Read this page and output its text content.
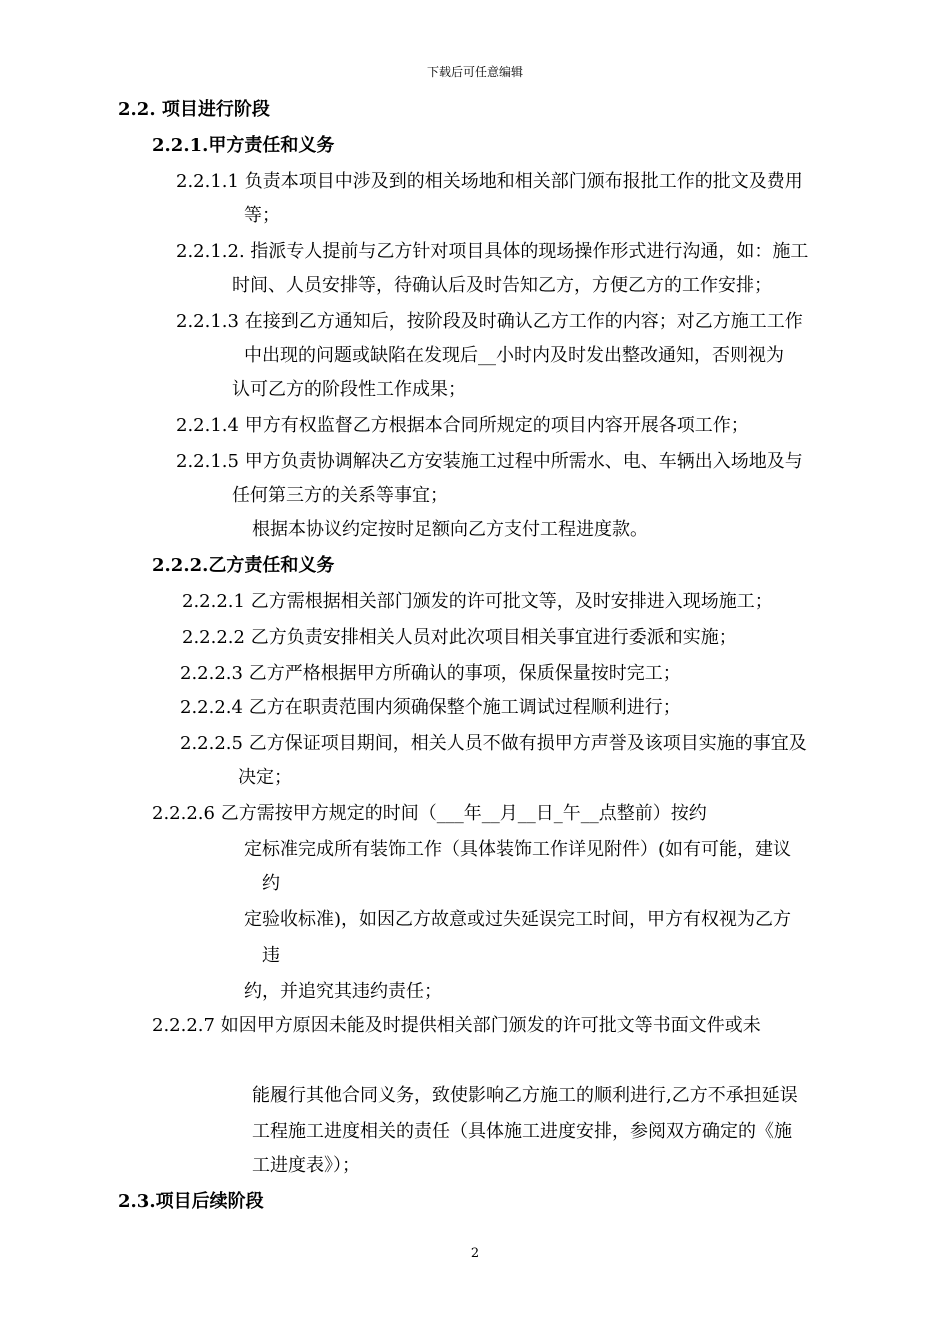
下载后可任意编辑
2.2. 项目进行阶段
2.2.1.甲方责任和义务
2.2.1.1 负责本项目中涉及到的相关场地和相关部门颁布报批工作的批文及费用
等；
2.2.1.2. 指派专人提前与乙方针对项目具体的现场操作形式进行沟通，如：施工
时间、人员安排等，待确认后及时告知乙方，方便乙方的工作安排；
2.2.1.3 在接到乙方通知后，按阶段及时确认乙方工作的内容；对乙方施工工作
中出现的问题或缺陷在发现后__小时内及时发出整改通知，否则视为
认可乙方的阶段性工作成果；
2.2.1.4 甲方有权监督乙方根据本合同所规定的项目内容开展各项工作；
2.2.1.5 甲方负责协调解决乙方安装施工过程中所需水、电、车辆出入场地及与
任何第三方的关系等事宜；
根据本协议约定按时足额向乙方支付工程进度款。
2.2.2.乙方责任和义务
2.2.2.1 乙方需根据相关部门颁发的许可批文等，及时安排进入现场施工；
2.2.2.2 乙方负责安排相关人员对此次项目相关事宜进行委派和实施；
2.2.2.3 乙方严格根据甲方所确认的事项，保质保量按时完工；
2.2.2.4 乙方在职责范围内须确保整个施工调试过程顺利进行；
2.2.2.5 乙方保证项目期间，相关人员不做有损甲方声誉及该项目实施的事宜及
决定；
2.2.2.6 乙方需按甲方规定的时间（___年__月__日_午__点整前）按约
定标准完成所有装饰工作（具体装饰工作详见附件）(如有可能，建议
约
定验收标准)，如因乙方故意或过失延误完工时间，甲方有权视为乙方
违
约，并追究其违约责任；
2.2.2.7 如因甲方原因未能及时提供相关部门颁发的许可批文等书面文件或未
能履行其他合同义务，致使影响乙方施工的顺利进行,乙方不承担延误
工程施工进度相关的责任（具体施工进度安排，参阅双方确定的《施
工进度表》）；
2.3.项目后续阶段
2
